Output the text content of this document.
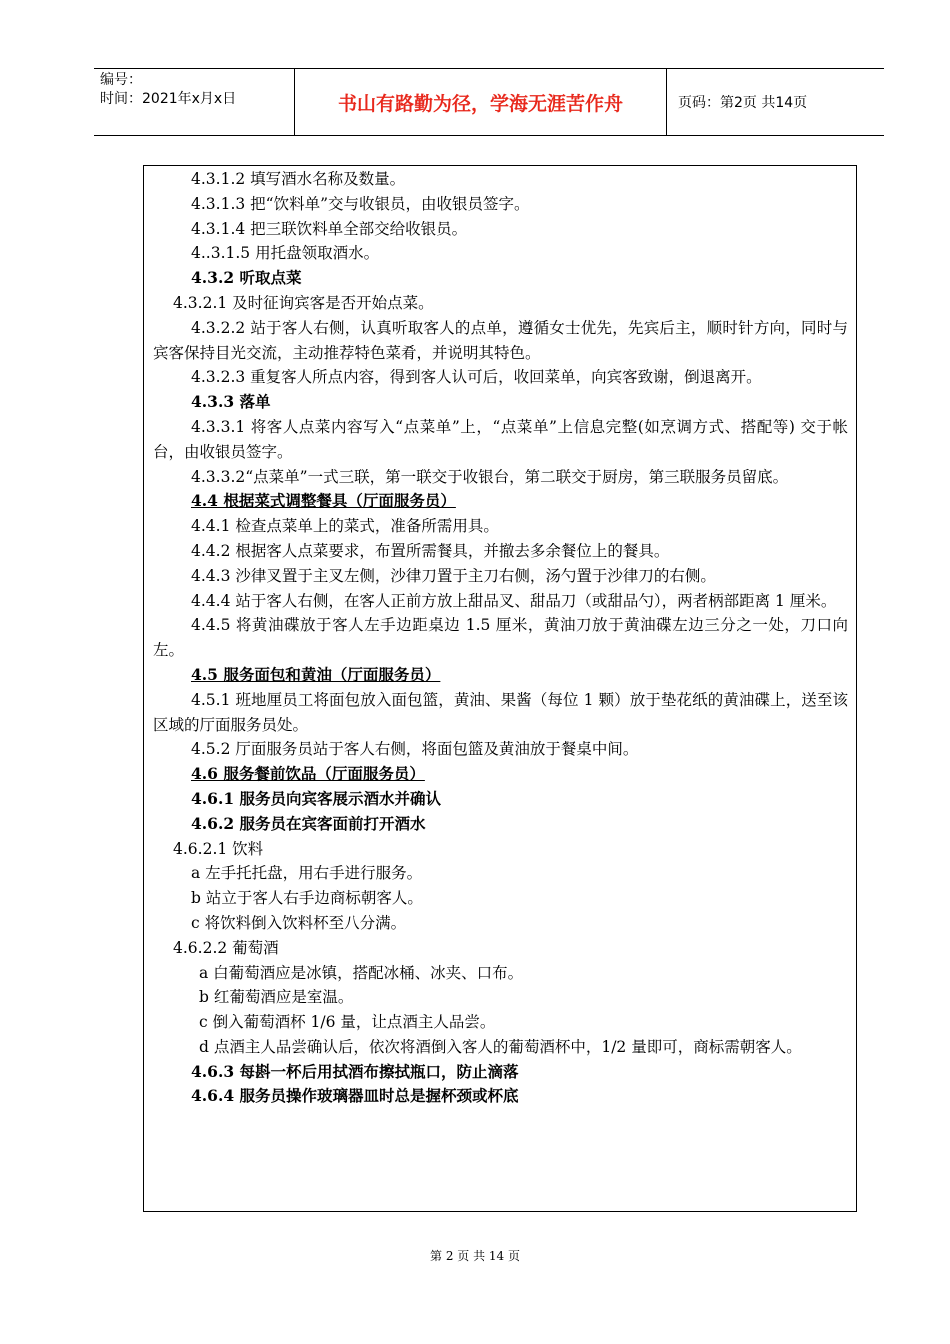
编号：
时间：2021年x月x日	书山有路勤为径，学海无涯苦作舟	页码：第2页 共14页
4.3.1.2 填写酒水名称及数量。
4.3.1.3 把“饮料单”交与收银员，由收银员签字。
4.3.1.4 把三联饮料单全部交给收银员。
4..3.1.5 用托盘领取酒水。
4.3.2 听取点菜
4.3.2.1 及时征询宾客是否开始点菜。
4.3.2.2 站于客人右侧，认真听取客人的点单，遵循女士优先，先宾后主，顺时针方向，同时与宾客保持目光交流，主动推荐特色菜肴，并说明其特色。
4.3.2.3 重复客人所点内容，得到客人认可后，收回菜单，向宾客致谢，倒退离开。
4.3.3 落单
4.3.3.1 将客人点菜内容写入“点菜单”上，“点菜单”上信息完整(如烹调方式、搭配等) 交于帐台，由收银员签字。
4.3.3.2“点菜单”一式三联，第一联交于收银台，第二联交于厨房，第三联服务员留底。
4.4 根据菜式调整餐具（厅面服务员）
4.4.1 检查点菜单上的菜式，准备所需用具。
4.4.2 根据客人点菜要求，布置所需餐具，并撤去多余餐位上的餐具。
4.4.3 沙律叉置于主叉左侧，沙律刀置于主刀右侧，汤勺置于沙律刀的右侧。
4.4.4 站于客人右侧，在客人正前方放上甜品叉、甜品刀（或甜品勺），两者柄部距离 1 厘米。
4.4.5 将黄油碟放于客人左手边距桌边 1.5 厘米，黄油刀放于黄油碟左边三分之一处，刀口向左。
4.5 服务面包和黄油（厅面服务员）
4.5.1 班地厘员工将面包放入面包篮，黄油、果酱（每位 1 颗）放于垫花纸的黄油碟上，送至该区域的厅面服务员处。
4.5.2 厅面服务员站于客人右侧，将面包篮及黄油放于餐桌中间。
4.6 服务餐前饮品（厅面服务员）
4.6.1 服务员向宾客展示酒水并确认
4.6.2 服务员在宾客面前打开酒水
4.6.2.1 饮料
a 左手托托盘，用右手进行服务。
b 站立于客人右手边商标朝客人。
c 将饮料倒入饮料杯至八分满。
4.6.2.2 葡萄酒
a 白葡萄酒应是冰镇，搭配冰桶、冰夹、口布。
b 红葡萄酒应是室温。
c 倒入葡萄酒杯 1/6 量，让点酒主人品尝。
d 点酒主人品尝确认后，依次将酒倒入客人的葡萄酒杯中，1/2 量即可，商标需朝客人。
4.6.3 每斟一杯后用拭酒布擦拭瓶口，防止滴落
4.6.4 服务员操作玻璃器皿时总是握杯颈或杯底
第 2 页 共 14 页
